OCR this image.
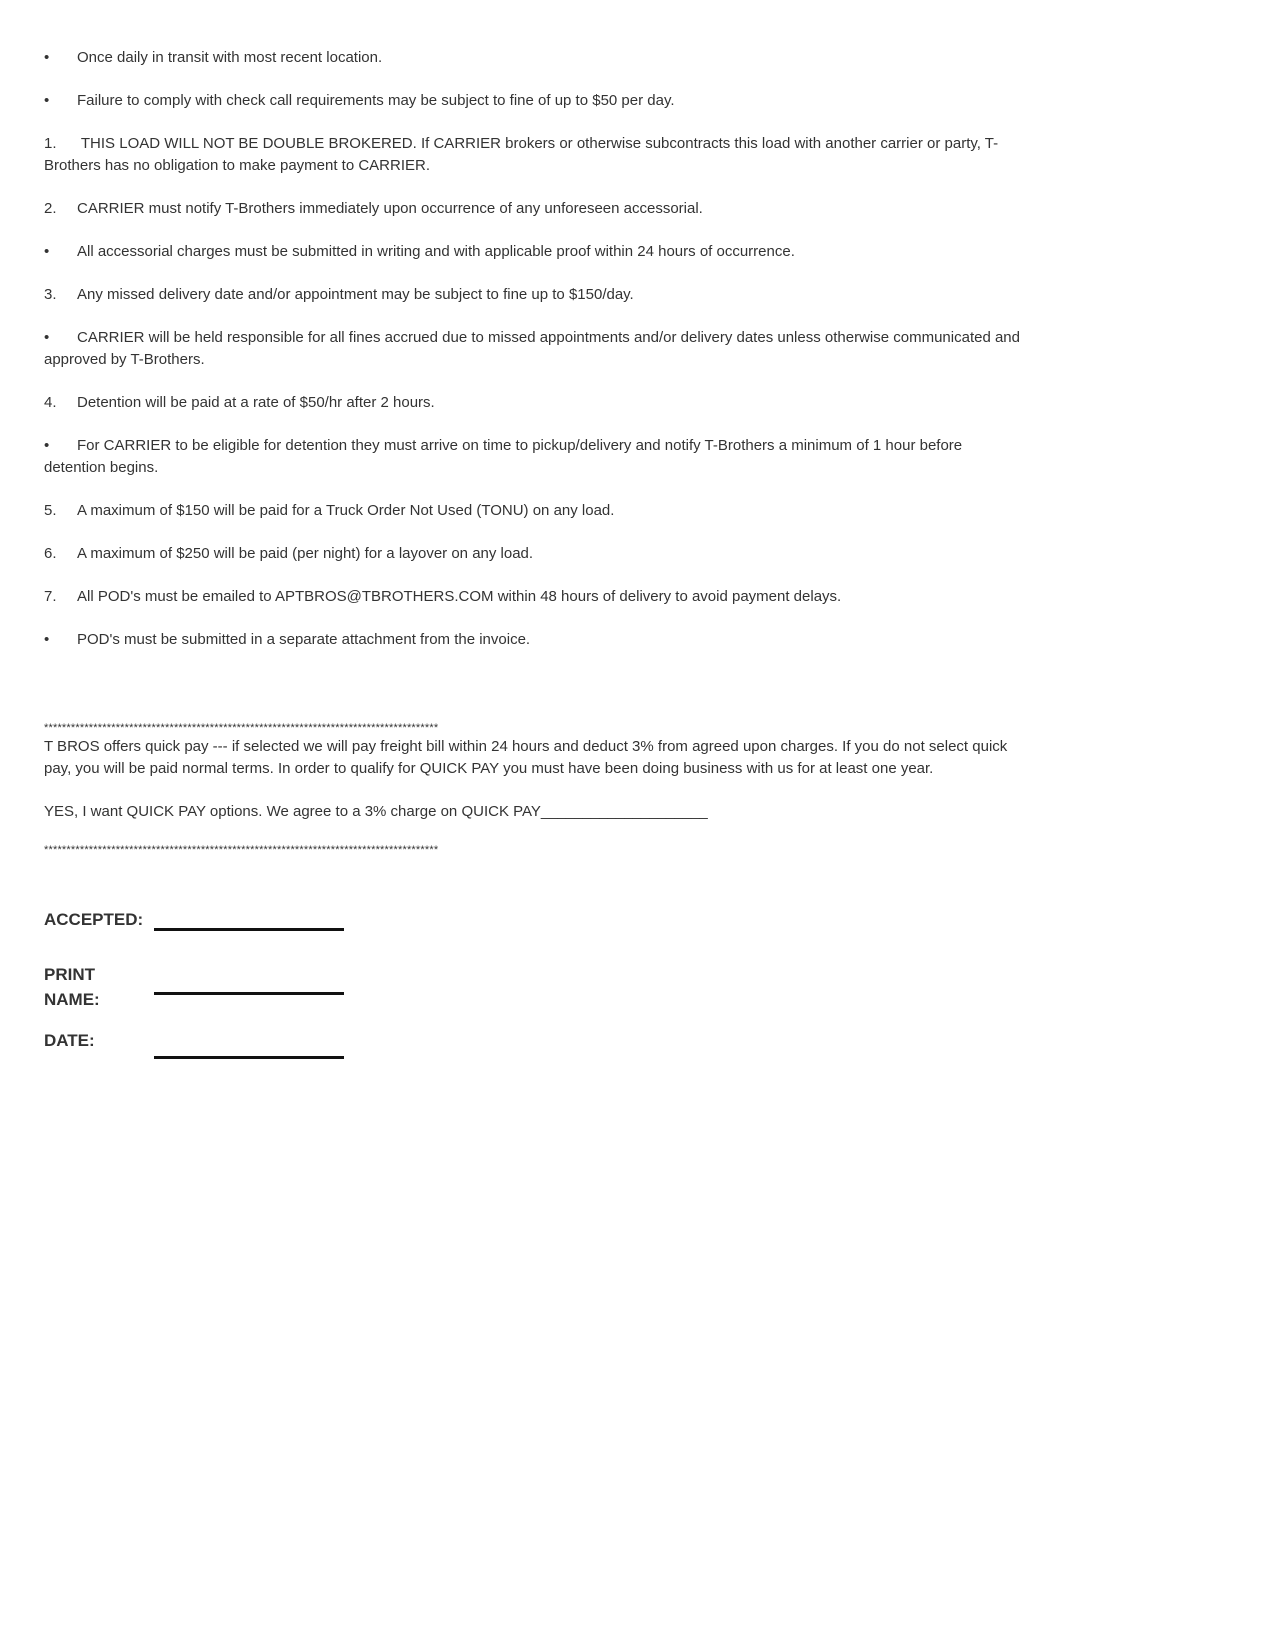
• Once daily in transit with most recent location.

• Failure to comply with check call requirements may be subject to fine of up to $50 per day.

1. THIS LOAD WILL NOT BE DOUBLE BROKERED. If CARRIER brokers or otherwise subcontracts this load with another carrier or party, T-Brothers has no obligation to make payment to CARRIER.

2. CARRIER must notify T-Brothers immediately upon occurrence of any unforeseen accessorial.

• All accessorial charges must be submitted in writing and with applicable proof within 24 hours of occurrence.

3. Any missed delivery date and/or appointment may be subject to fine up to $150/day.

• CARRIER will be held responsible for all fines accrued due to missed appointments and/or delivery dates unless otherwise communicated and approved by T-Brothers.

4. Detention will be paid at a rate of $50/hr after 2 hours.

• For CARRIER to be eligible for detention they must arrive on time to pickup/delivery and notify T-Brothers a minimum of 1 hour before detention begins.

5. A maximum of $150 will be paid for a Truck Order Not Used (TONU) on any load.

6. A maximum of $250 will be paid (per night) for a layover on any load.

7. All POD's must be emailed to APTBROS@TBROTHERS.COM within 48 hours of delivery to avoid payment delays.

• POD's must be submitted in a separate attachment from the invoice.

****************************************************************************************

T BROS offers quick pay --- if selected we will pay freight bill within 24 hours and deduct 3% from agreed upon charges. If you do not select quick pay, you will be paid normal terms. In order to qualify for QUICK PAY you must have been doing business with us for at least one year.

YES, I want QUICK PAY options. We agree to a 3% charge on QUICK PAY____________________

****************************************************************************************
ACCEPTED:
PRINT
NAME:
DATE:
